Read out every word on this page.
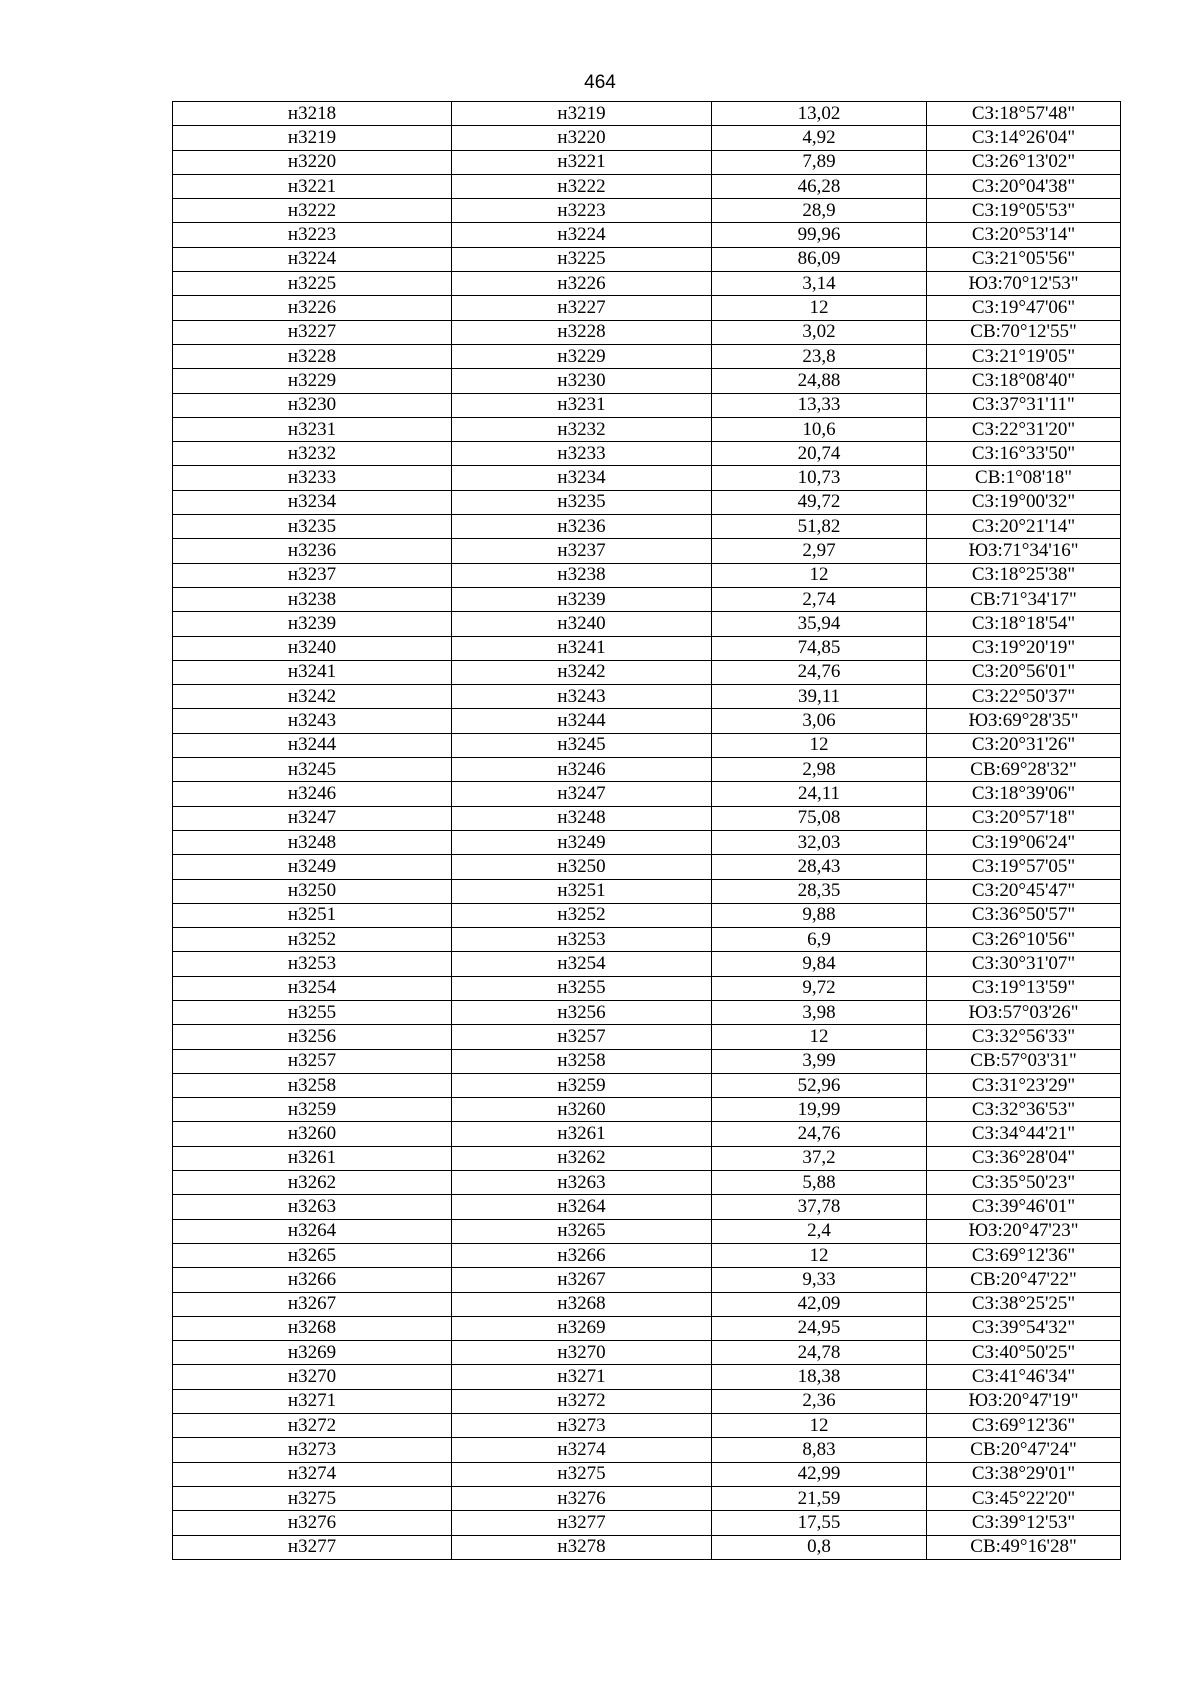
464
н3218	н3219	13,02	СЗ:18°57'48"
н3219	н3220	4,92	СЗ:14°26'04"
н3220	н3221	7,89	СЗ:26°13'02"
н3221	н3222	46,28	СЗ:20°04'38"
н3222	н3223	28,9	СЗ:19°05'53"
н3223	н3224	99,96	СЗ:20°53'14"
н3224	н3225	86,09	СЗ:21°05'56"
н3225	н3226	3,14	ЮЗ:70°12'53"
н3226	н3227	12	СЗ:19°47'06"
н3227	н3228	3,02	СВ:70°12'55"
н3228	н3229	23,8	СЗ:21°19'05"
н3229	н3230	24,88	СЗ:18°08'40"
н3230	н3231	13,33	СЗ:37°31'11"
н3231	н3232	10,6	СЗ:22°31'20"
н3232	н3233	20,74	СЗ:16°33'50"
н3233	н3234	10,73	СВ:1°08'18"
н3234	н3235	49,72	СЗ:19°00'32"
н3235	н3236	51,82	СЗ:20°21'14"
н3236	н3237	2,97	ЮЗ:71°34'16"
н3237	н3238	12	СЗ:18°25'38"
н3238	н3239	2,74	СВ:71°34'17"
н3239	н3240	35,94	СЗ:18°18'54"
н3240	н3241	74,85	СЗ:19°20'19"
н3241	н3242	24,76	СЗ:20°56'01"
н3242	н3243	39,11	СЗ:22°50'37"
н3243	н3244	3,06	ЮЗ:69°28'35"
н3244	н3245	12	СЗ:20°31'26"
н3245	н3246	2,98	СВ:69°28'32"
н3246	н3247	24,11	СЗ:18°39'06"
н3247	н3248	75,08	СЗ:20°57'18"
н3248	н3249	32,03	СЗ:19°06'24"
н3249	н3250	28,43	СЗ:19°57'05"
н3250	н3251	28,35	СЗ:20°45'47"
н3251	н3252	9,88	СЗ:36°50'57"
н3252	н3253	6,9	СЗ:26°10'56"
н3253	н3254	9,84	СЗ:30°31'07"
н3254	н3255	9,72	СЗ:19°13'59"
н3255	н3256	3,98	ЮЗ:57°03'26"
н3256	н3257	12	СЗ:32°56'33"
н3257	н3258	3,99	СВ:57°03'31"
н3258	н3259	52,96	СЗ:31°23'29"
н3259	н3260	19,99	СЗ:32°36'53"
н3260	н3261	24,76	СЗ:34°44'21"
н3261	н3262	37,2	СЗ:36°28'04"
н3262	н3263	5,88	СЗ:35°50'23"
н3263	н3264	37,78	СЗ:39°46'01"
н3264	н3265	2,4	ЮЗ:20°47'23"
н3265	н3266	12	СЗ:69°12'36"
н3266	н3267	9,33	СВ:20°47'22"
н3267	н3268	42,09	СЗ:38°25'25"
н3268	н3269	24,95	СЗ:39°54'32"
н3269	н3270	24,78	СЗ:40°50'25"
н3270	н3271	18,38	СЗ:41°46'34"
н3271	н3272	2,36	ЮЗ:20°47'19"
н3272	н3273	12	СЗ:69°12'36"
н3273	н3274	8,83	СВ:20°47'24"
н3274	н3275	42,99	СЗ:38°29'01"
н3275	н3276	21,59	СЗ:45°22'20"
н3276	н3277	17,55	СЗ:39°12'53"
н3277	н3278	0,8	СВ:49°16'28"
